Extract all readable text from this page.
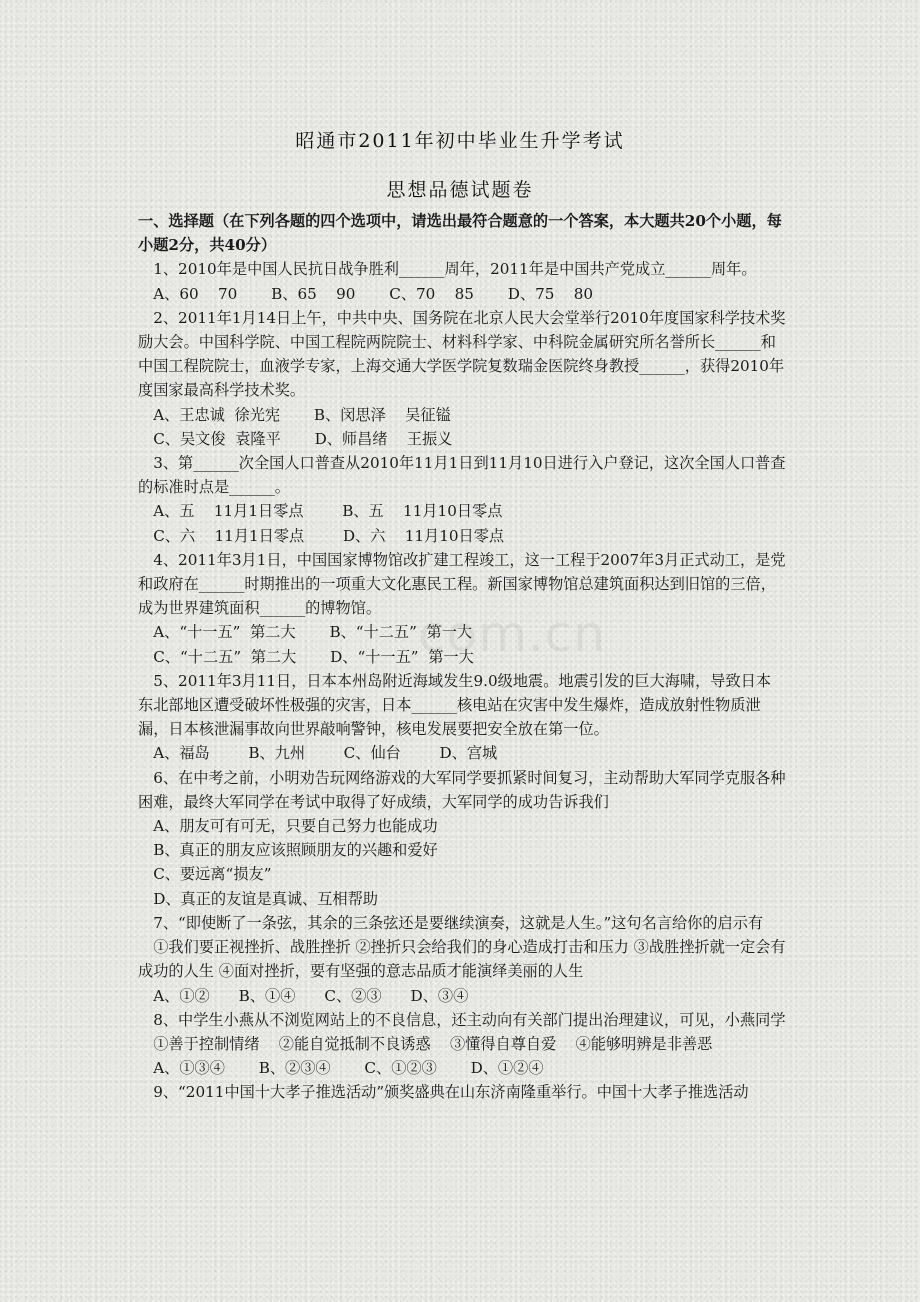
昭通市2011年初中毕业生升学考试
思想品德试题卷

一、选择题（在下列各题的四个选项中，请选出最符合题意的一个答案，本大题共20个小题，每小题2分，共40分）

1、2010年是中国人民抗日战争胜利______周年，2011年是中国共产党成立______周年。

A、60    70       B、65    90       C、70    85       D、75    80

2、2011年1月14日上午，中共中央、国务院在北京人民大会堂举行2010年度国家科学技术奖励大会。中国科学院、中国工程院两院院士、材料科学家、中科院金属研究所名誉所长______和中国工程院院士，血液学专家，上海交通大学医学院复数瑞金医院终身教授______，获得2010年度国家最高科学技术奖。

A、王忠诚  徐光宪       B、闵思泽    吴征镒

C、吴文俊  袁隆平       D、师昌绪    王振义

3、第______次全国人口普查从2010年11月1日到11月10日进行入户登记，这次全国人口普查的标准时点是______。

A、五    11月1日零点        B、五    11月10日零点

C、六    11月1日零点        D、六    11月10日零点

4、2011年3月1日，中国国家博物馆改扩建工程竣工，这一工程于2007年3月正式动工，是党和政府在______时期推出的一项重大文化惠民工程。新国家博物馆总建筑面积达到旧馆的三倍，成为世界建筑面积______的博物馆。

A、“十一五”  第二大       B、“十二五”  第一大

C、“十二五”  第二大       D、“十一五”  第一大

5、2011年3月11日，日本本州岛附近海域发生9.0级地震。地震引发的巨大海啸，导致日本东北部地区遭受破坏性极强的灾害，日本______核电站在灾害中发生爆炸，造成放射性物质泄漏，日本核泄漏事故向世界敲响警钟，核电发展要把安全放在第一位。

A、福岛        B、九州        C、仙台        D、宫城

6、在中考之前，小明劝告玩网络游戏的大军同学要抓紧时间复习，主动帮助大军同学克服各种困难，最终大军同学在考试中取得了好成绩，大军同学的成功告诉我们

A、朋友可有可无，只要自己努力也能成功

B、真正的朋友应该照顾朋友的兴趣和爱好

C、要远离“损友”

D、真正的友谊是真诚、互相帮助

7、“即使断了一条弦，其余的三条弦还是要继续演奏，这就是人生。”这句名言给你的启示有

①我们要正视挫折、战胜挫折 ②挫折只会给我们的身心造成打击和压力 ③战胜挫折就一定会有成功的人生 ④面对挫折，要有坚强的意志品质才能演绎美丽的人生

A、①②      B、①④      C、②③      D、③④

8、中学生小燕从不浏览网站上的不良信息，还主动向有关部门提出治理建议，可见，小燕同学

①善于控制情绪    ②能自觉抵制不良诱惑    ③懂得自尊自爱    ④能够明辨是非善恶

A、①③④       B、②③④       C、①②③       D、①②④

9、“2011中国十大孝子推选活动”颁奖盛典在山东济南隆重举行。中国十大孝子推选活动

com.cn
